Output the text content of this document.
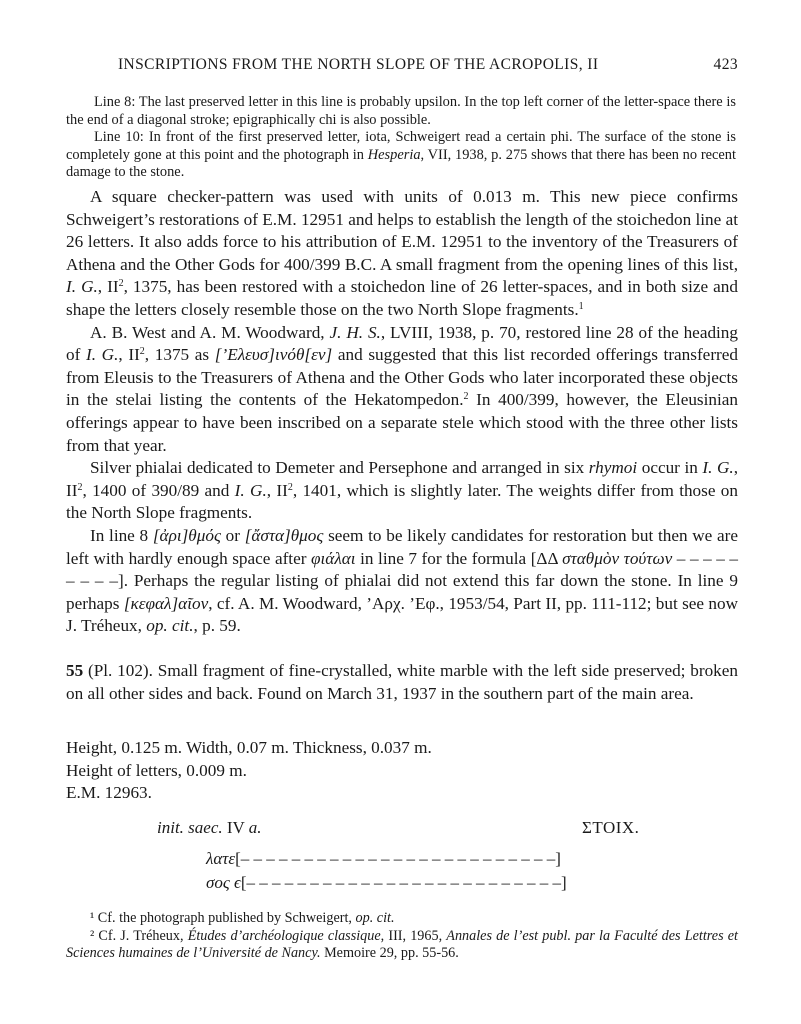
INSCRIPTIONS FROM THE NORTH SLOPE OF THE ACROPOLIS, II	423

Line 8: The last preserved letter in this line is probably upsilon. In the top left corner of the letter-space there is the end of a diagonal stroke; epigraphically chi is also possible.

Line 10: In front of the first preserved letter, iota, Schweigert read a certain phi. The surface of the stone is completely gone at this point and the photograph in Hesperia, VII, 1938, p. 275 shows that there has been no recent damage to the stone.

A square checker-pattern was used with units of 0.013 m. This new piece confirms Schweigert’s restorations of E.M. 12951 and helps to establish the length of the stoichedon line at 26 letters. It also adds force to his attribution of E.M. 12951 to the inventory of the Treasurers of Athena and the Other Gods for 400/399 B.C. A small fragment from the opening lines of this list, I. G., $II^2$, 1375, has been restored with a stoichedon line of 26 letter-spaces, and in both size and shape the letters closely resemble those on the two North Slope fragments.$^1$

A. B. West and A. M. Woodward, J. H. S., LVIII, 1938, p. 70, restored line 28 of the heading of I. G., $II^2$, 1375 as [’Ελευσ]ινόθ[εν] and suggested that this list recorded offerings transferred from Eleusis to the Treasurers of Athena and the Other Gods who later incorporated these objects in the stelai listing the contents of the Hekatompedon.$^2$ In 400/399, however, the Eleusinian offerings appear to have been inscribed on a separate stele which stood with the three other lists from that year.

Silver phialai dedicated to Demeter and Persephone and arranged in six rhymoi occur in I. G., $II^2$, 1400 of 390/89 and I. G., $II^2$, 1401, which is slightly later. The weights differ from those on the North Slope fragments.

In line 8 [ἀρι]θμός or [ἄστα]θμος seem to be likely candidates for restoration but then we are left with hardly enough space after φιάλαι in line 7 for the formula [ΔΔ σταθμὸν τούτων – – – – – – – – –]. Perhaps the regular listing of phialai did not extend this far down the stone. In line 9 perhaps [κεφαλ]αῖον, cf. A. M. Woodward, ’Αρχ. ’Εφ., 1953/54, Part II, pp. 111-112; but see now J. Tréheux, op. cit., p. 59.

55 (Pl. 102). Small fragment of fine-crystalled, white marble with the left side preserved; broken on all other sides and back. Found on March 31, 1937 in the southern part of the main area.

Height, 0.125 m. Width, 0.07 m. Thickness, 0.037 m.
Height of letters, 0.009 m.
E.M. 12963.
init. saec. IV a.	ΣΤΟΙΧ.
λατε[– – – – – – – – – – – – – – – – – – – – – – – – –]
σος ϵ[– – – – – – – – – – – – – – – – – – – – – – – – –]

¹ Cf. the photograph published by Schweigert, op. cit.

² Cf. J. Tréheux, Études d’archéologique classique, III, 1965, Annales de l’est publ. par la Faculté des Lettres et Sciences humaines de l’Université de Nancy. Memoire 29, pp. 55-56.
